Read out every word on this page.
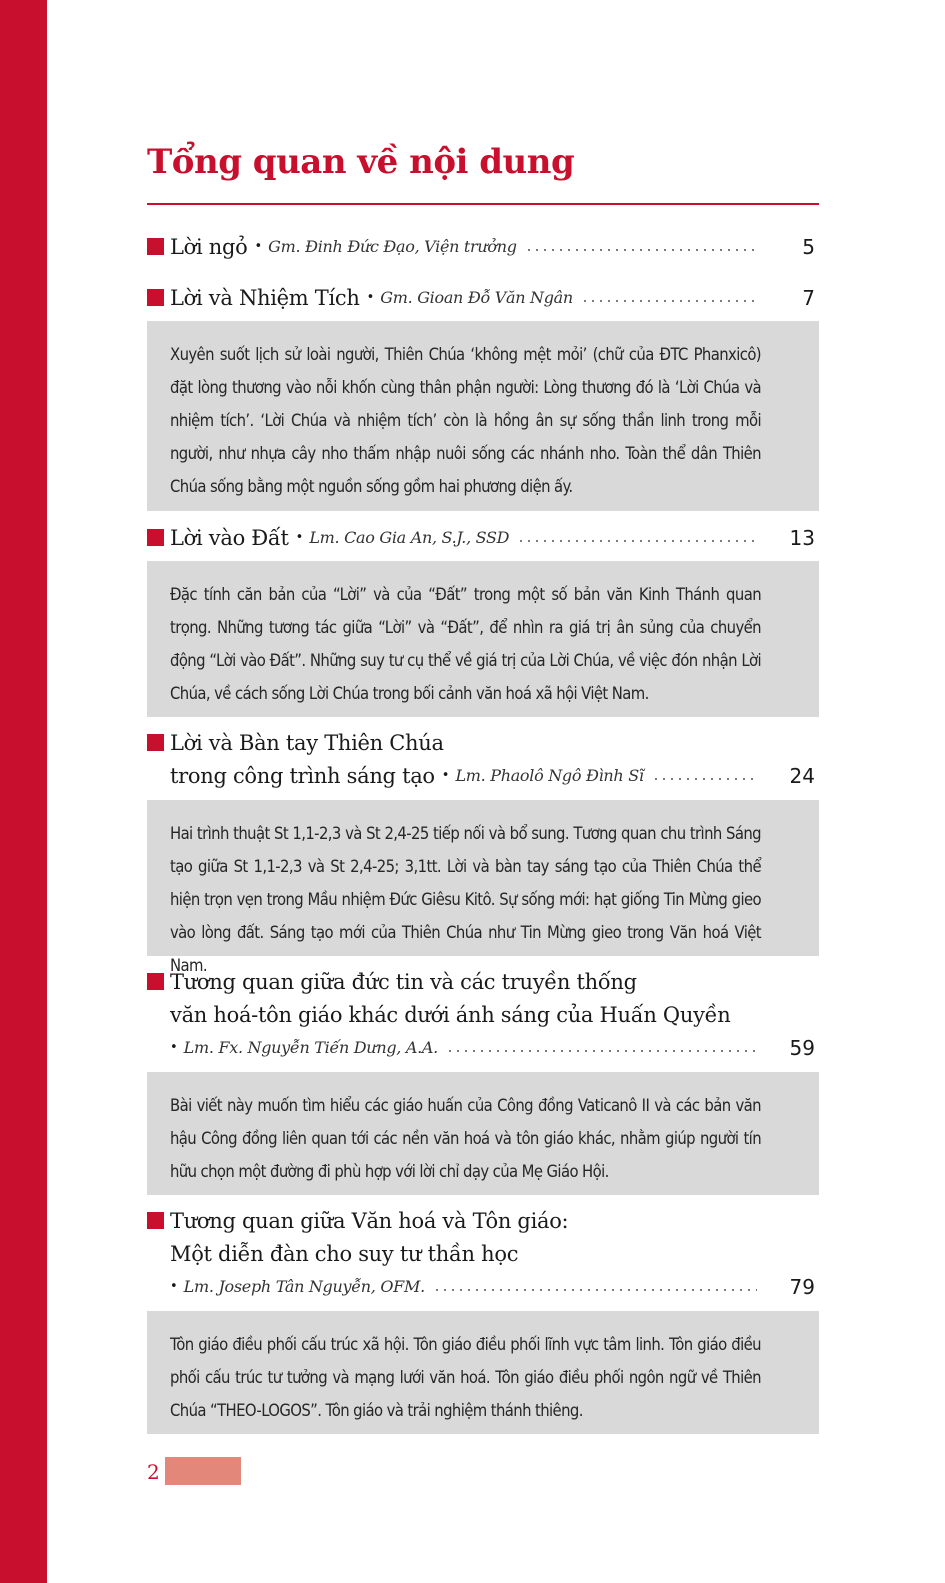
Tổng quan về nội dung
Lời ngỏ • Gm. Đinh Đức Đạo, Viện trưởng	5
Lời và Nhiệm Tích • Gm. Gioan Đỗ Văn Ngân	7
Xuyên suốt lịch sử loài người, Thiên Chúa ‘không mệt mỏi’ (chữ của ĐTC Phanxicô) đặt lòng thương vào nỗi khốn cùng thân phận người: Lòng thương đó là ‘Lời Chúa và nhiệm tích’. ‘Lời Chúa và nhiệm tích’ còn là hồng ân sự sống thần linh trong mỗi người, như nhựa cây nho thấm nhập nuôi sống các nhánh nho. Toàn thể dân Thiên Chúa sống bằng một nguồn sống gồm hai phương diện ấy.
Lời vào Đất • Lm. Cao Gia An, S.J., SSD	13
Đặc tính căn bản của “Lời” và của “Đất” trong một số bản văn Kinh Thánh quan trọng. Những tương tác giữa “Lời” và “Đất”, để nhìn ra giá trị ân sủng của chuyển động “Lời vào Đất”. Những suy tư cụ thể về giá trị của Lời Chúa, về việc đón nhận Lời Chúa, về cách sống Lời Chúa trong bối cảnh văn hoá xã hội Việt Nam.
Lời và Bàn tay Thiên Chúa
trong công trình sáng tạo • Lm. Phaolô Ngô Đình Sĩ	24
Hai trình thuật St 1,1-2,3 và St 2,4-25 tiếp nối và bổ sung. Tương quan chu trình Sáng tạo giữa St 1,1-2,3 và St 2,4-25; 3,1tt. Lời và bàn tay sáng tạo của Thiên Chúa thể hiện trọn vẹn trong Mầu nhiệm Đức Giêsu Kitô. Sự sống mới: hạt giống Tin Mừng gieo vào lòng đất. Sáng tạo mới của Thiên Chúa như Tin Mừng gieo trong Văn hoá Việt Nam.
Tương quan giữa đức tin và các truyền thống
văn hoá-tôn giáo khác dưới ánh sáng của Huấn Quyền
• Lm. Fx. Nguyễn Tiến Dưng, A.A.	59
Bài viết này muốn tìm hiểu các giáo huấn của Công đồng Vaticanô II và các bản văn hậu Công đồng liên quan tới các nền văn hoá và tôn giáo khác, nhằm giúp người tín hữu chọn một đường đi phù hợp với lời chỉ dạy của Mẹ Giáo Hội.
Tương quan giữa Văn hoá và Tôn giáo:
Một diễn đàn cho suy tư thần học
• Lm. Joseph Tân Nguyễn, OFM.	79
Tôn giáo điều phối cấu trúc xã hội. Tôn giáo điều phối lĩnh vực tâm linh. Tôn giáo điều phối cấu trúc tư tưởng và mạng lưới văn hoá. Tôn giáo điều phối ngôn ngữ về Thiên Chúa “THEO-LOGOS”. Tôn giáo và trải nghiệm thánh thiêng.
2
